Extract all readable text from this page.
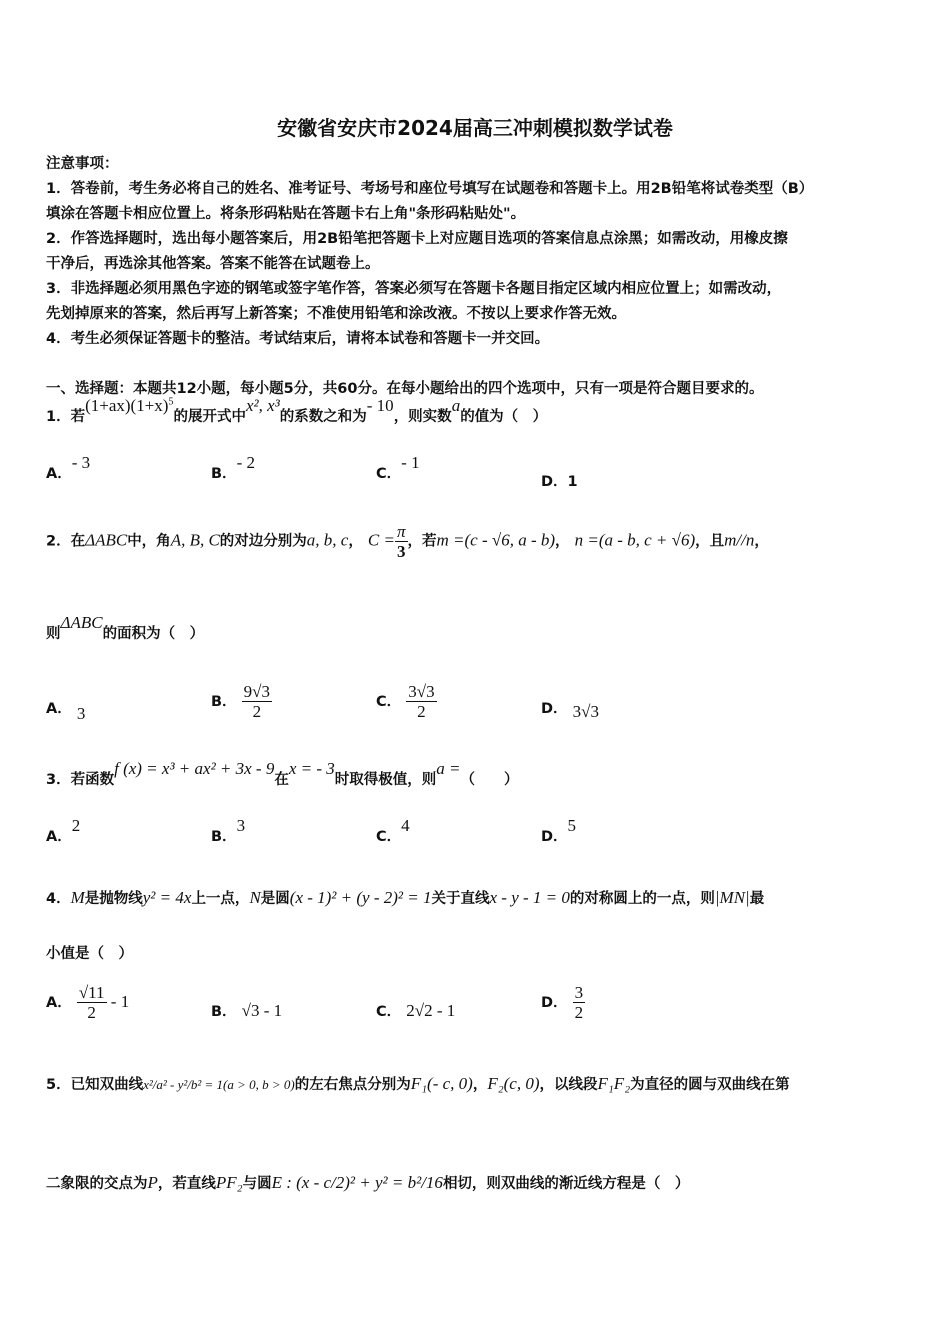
安徽省安庆市2024届高三冲刺模拟数学试卷
注意事项：
1．答卷前，考生务必将自己的姓名、准考证号、考场号和座位号填写在试题卷和答题卡上。用2B铅笔将试卷类型（B）
填涂在答题卡相应位置上。将条形码粘贴在答题卡右上角"条形码粘贴处"。
2．作答选择题时，选出每小题答案后，用2B铅笔把答题卡上对应题目选项的答案信息点涂黑；如需改动，用橡皮擦
干净后，再选涂其他答案。答案不能答在试题卷上。
3．非选择题必须用黑色字迹的钢笔或签字笔作答，答案必须写在答题卡各题目指定区域内相应位置上；如需改动，
先划掉原来的答案，然后再写上新答案；不准使用铅笔和涂改液。不按以上要求作答无效。
4．考生必须保证答题卡的整洁。考试结束后，请将本试卷和答题卡一并交回。
一、选择题：本题共12小题，每小题5分，共60分。在每小题给出的四个选项中，只有一项是符合题目要求的。
1．若$(1+ax)(1+x)^5$的展开式中x², x³的系数之和为- 10，则实数a的值为（　）
A．- 3
B．- 2
C．- 1
D．1
2．在ΔABC中，角A, B, C的对边分别为a, b, c， $C = \frac{\pi}{3}$ ，若m =(c - √6, a - b)， n =(a - b, c + √6)，且m//n，
则ΔABC的面积为（　）
A． 3
B． $\frac{9√3}{2}$	C． $\frac{3√3}{2}$	D． 3√3
3．若函数f (x) = x³ + ax² + 3x - 9在x = - 3时取得极值，则a =（　　）
A．2
B．3
C．4
D．5
4．M是抛物线y² = 4x上一点，N是圆(x - 1)² + (y - 2)² = 1关于直线x - y - 1 = 0的对称圆上的一点，则|MN|最
小值是（　）
A． $\frac{√11}{2} - 1$
B． √3 - 1	C． 2√2 - 1	D． $\frac{3}{2}$
5．已知双曲线x²/a² - y²/b² = 1(a > 0, b > 0)的左右焦点分别为F₁(- c, 0)，F₂(c, 0)，以线段F₁F₂为直径的圆与双曲线在第
二象限的交点为P，若直线PF₂与圆E : (x - c/2)² + y² = b²/16相切，则双曲线的渐近线方程是（　）
